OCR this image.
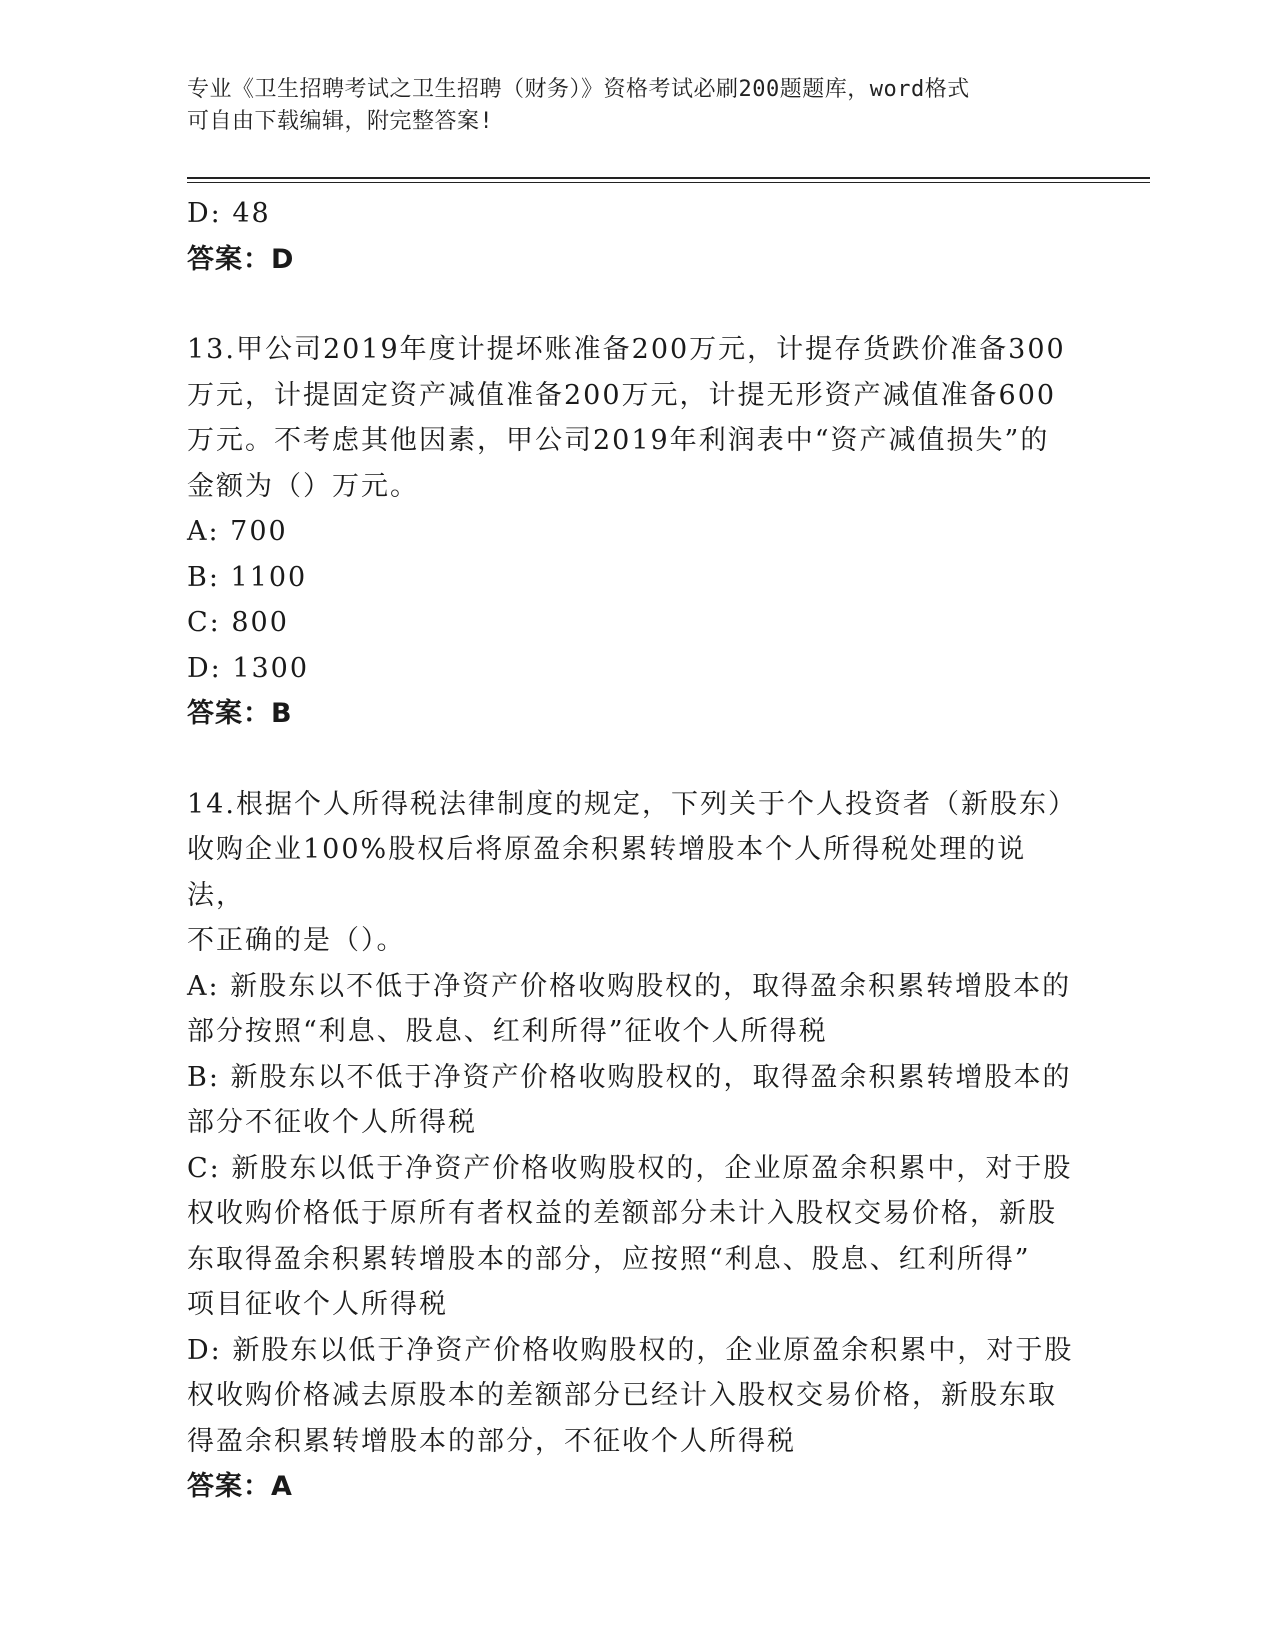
专业《卫生招聘考试之卫生招聘（财务）》资格考试必刷200题题库，word格式
可自由下载编辑，附完整答案!
D: 48
答案：D
13.甲公司2019年度计提坏账准备200万元，计提存货跌价准备300
万元，计提固定资产减值准备200万元，计提无形资产减值准备600
万元。不考虑其他因素，甲公司2019年利润表中“资产减值损失”的
金额为（）万元。
A: 700
B: 1100
C: 800
D: 1300
答案：B
14.根据个人所得税法律制度的规定，下列关于个人投资者（新股东）
收购企业100%股权后将原盈余积累转增股本个人所得税处理的说法，
不正确的是（）。
A: 新股东以不低于净资产价格收购股权的，取得盈余积累转增股本的
部分按照“利息、股息、红利所得”征收个人所得税
B: 新股东以不低于净资产价格收购股权的，取得盈余积累转增股本的
部分不征收个人所得税
C: 新股东以低于净资产价格收购股权的，企业原盈余积累中，对于股
权收购价格低于原所有者权益的差额部分未计入股权交易价格，新股
东取得盈余积累转增股本的部分，应按照“利息、股息、红利所得”
项目征收个人所得税
D: 新股东以低于净资产价格收购股权的，企业原盈余积累中，对于股
权收购价格减去原股本的差额部分已经计入股权交易价格，新股东取
得盈余积累转增股本的部分，不征收个人所得税
答案：A
